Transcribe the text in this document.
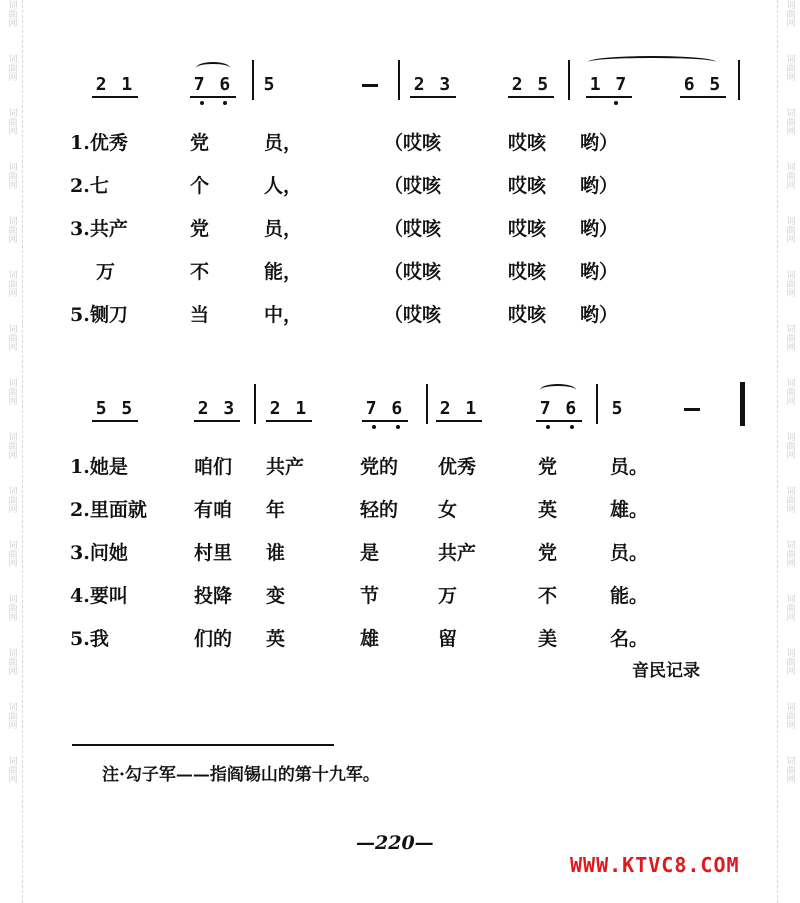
词曲网
词曲网
词曲网
词曲网
词曲网
词曲网
词曲网
词曲网
词曲网
词曲网
词曲网
词曲网
词曲网
词曲网
词曲网
词曲网
词曲网
词曲网
词曲网
词曲网
词曲网
词曲网
词曲网
词曲网
词曲网
词曲网
词曲网
词曲网
词曲网
词曲网
2 1	7 6	5	2 3	2 5 1 7	6 5
1.优秀	党	员，	（哎咳	哎咳 哟）
2.七	个	人，	（哎咳	哎咳 哟）
3.共产	党	员，	（哎咳	哎咳 哟）
万	不	能，	（哎咳	哎咳 哟）
5.铡刀	当	中，	（哎咳	哎咳 哟）
5 5	2 3 2 1	7 6 2 1	7 6	5
1.她是	咱们 共产	党的 优秀	党	员。
2.里面就 有咱 年	轻的 女	英	雄。
3.问她	村里 谁	是	共产	党	员。
4.要叫	投降 变	节	万	不	能。
5.我	们的 英	雄	留	美	名。
音民记录
注·勾子军——指阎锡山的第十九军。
—220—
WWW.KTVC8.COM
